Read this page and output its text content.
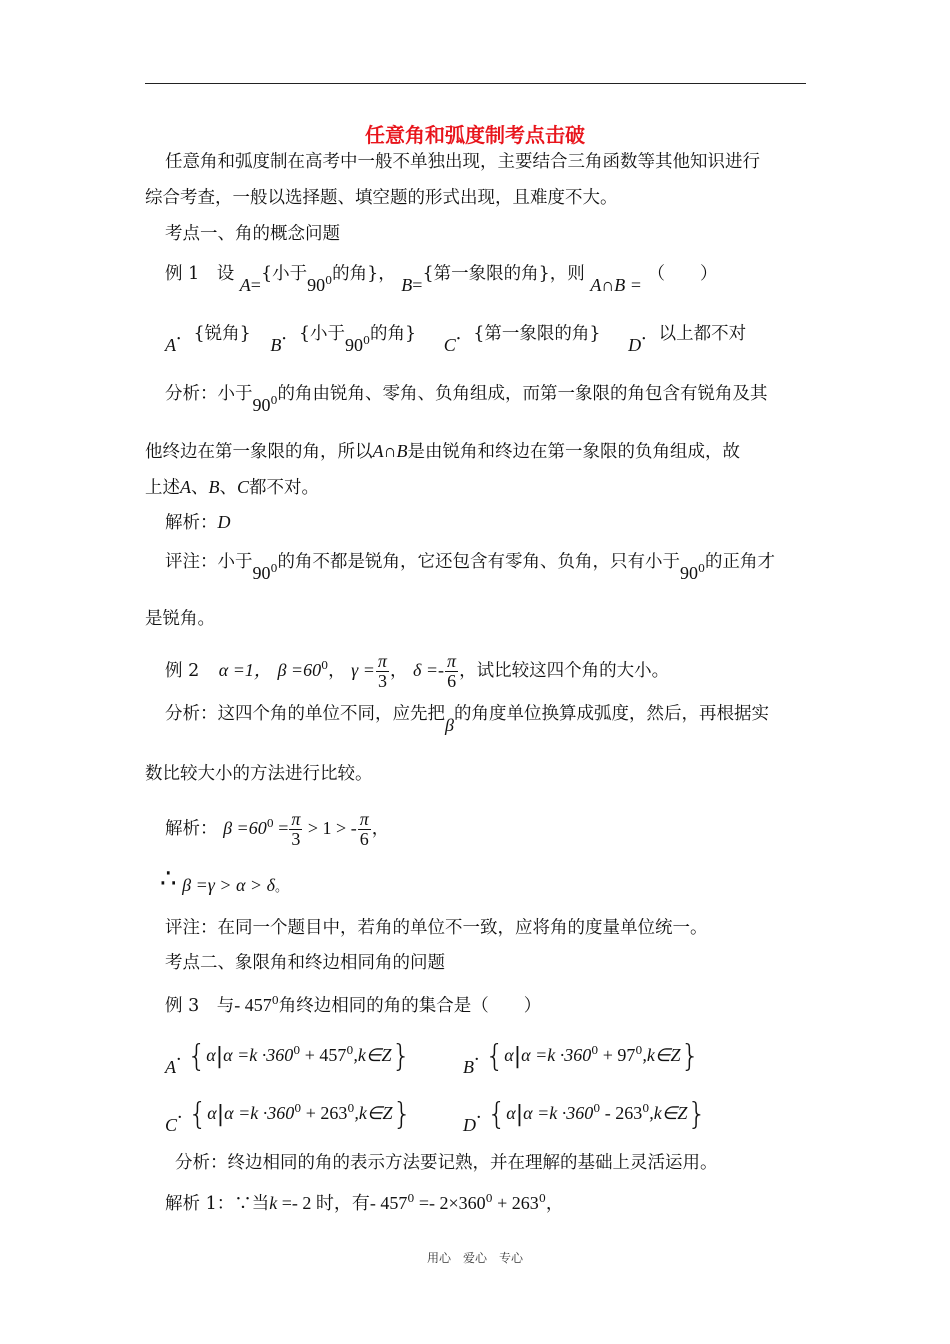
任意角和弧度制考点击破
任意角和弧度制在高考中一般不单独出现，主要结合三角函数等其他知识进行
综合考查，一般以选择题、填空题的形式出现，且难度不大。
考点一、角的概念问题
例 1　设 A={小于$90^0$的角}， B={第一象限的角}，则 A∩B = （　　）
A．{锐角} B．{小于$90^0$的角} C．{第一象限的角} D．以上都不对
分析：小于$90^0$的角由锐角、零角、负角组成，而第一象限的角包含有锐角及其
他终边在第一象限的角，所以A∩B是由锐角和终边在第一象限的负角组成，故
上述A、B、C都不对。
解析：D
评注：小于$90^0$的角不都是锐角，它还包含有零角、负角，只有小于$90^0$的正角才
是锐角。
例 2 α =1， $\beta =60^0$， $\gamma = \frac{\pi}{3}$ ， $\delta =- \frac{\pi}{6}$ ，试比较这四个角的大小。
分析：这四个角的单位不同，应先把β的角度单位换算成弧度，然后，再根据实
数比较大小的方法进行比较。
解析： $\beta =60^0 = \frac{\pi}{3} > 1$ > - $\frac{\pi}{6}$ ，
∴ $\beta =\gamma > \alpha > \delta_。$
评注：在同一个题目中，若角的单位不一致，应将角的度量单位统一。
考点二、象限角和终边相同角的问题
例 3　与- $457^0$角终边相同的角的集合是（　　）
$A\cdot \{\alpha|\alpha =k \cdot 360^0$ + $457^0,k\in Z$}	$B\cdot \{\alpha|\alpha =k \cdot 360^0$ + $97^0,k\in Z$}
$C\cdot \{\alpha|\alpha =k \cdot 360^0$ + $263^0,k\in Z$}	$D\cdot \{\alpha|\alpha =k \cdot 360^0$ - $263^0,k\in Z$}
分析：终边相同的角的表示方法要记熟，并在理解的基础上灵活运用。
解析 1：∵当k =- 2 时，有- $457^0 =- 2\times 360^0 + 263^0$，
用心　爱心　专心
